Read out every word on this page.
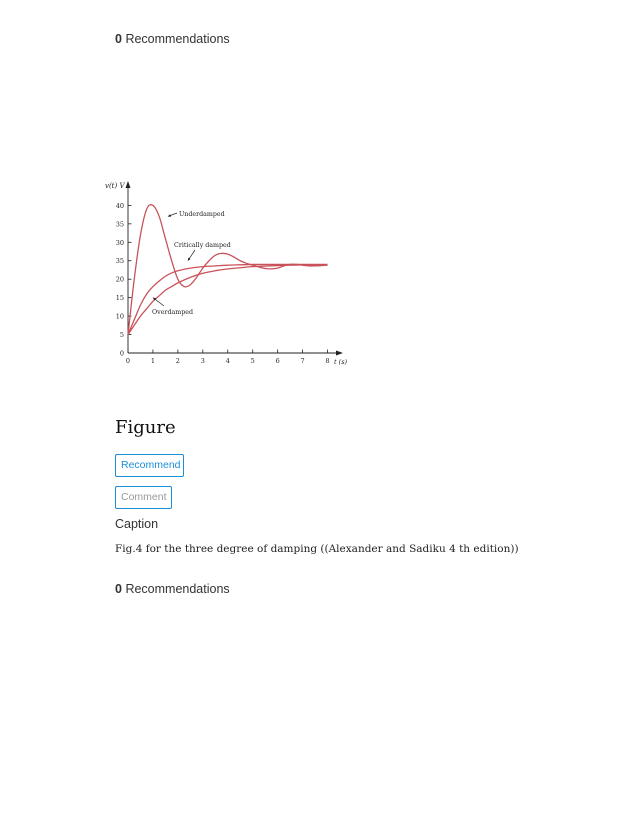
0 Recommendations
0
5
10
15
20
35
30
35
40
0	1	2	3	4	5	6	7	8
v(t) V
t (s)
Underdamped
Critically damped
Overdamped
Figure
Recommend
Comment
Caption
Fig.4 for the three degree of damping ((Alexander and Sadiku 4 th edition))
0 Recommendations
